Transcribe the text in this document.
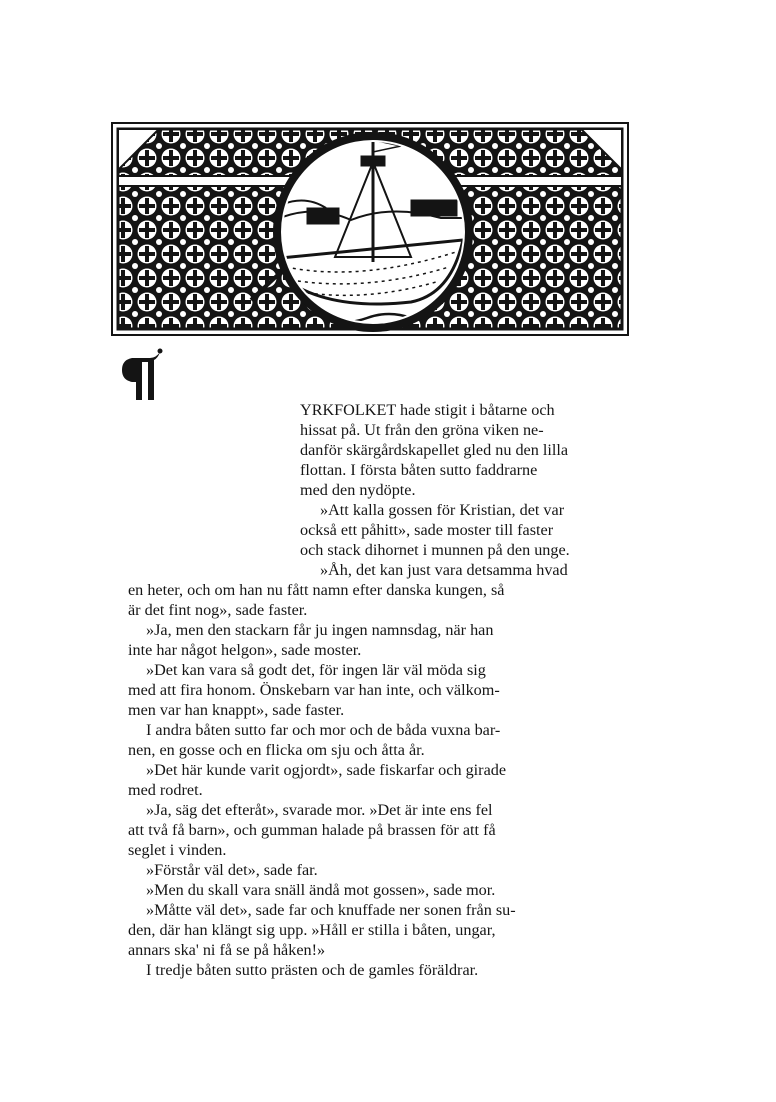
YRKFOLKET hade stigit i båtarne och
hissat på. Ut från den gröna viken ne-
danför skärgårdskapellet gled nu den lilla
flottan. I första båten sutto faddrarne
med den nydöpte.
»Att kalla gossen för Kristian, det var
också ett påhitt», sade moster till faster
och stack dihornet i munnen på den unge.
»Åh, det kan just vara detsamma hvad
en heter, och om han nu fått namn efter danska kungen, så
är det fint nog», sade faster.
»Ja, men den stackarn får ju ingen namnsdag, när han
inte har något helgon», sade moster.
»Det kan vara så godt det, för ingen lär väl möda sig
med att fira honom. Önskebarn var han inte, och välkom-
men var han knappt», sade faster.
I andra båten sutto far och mor och de båda vuxna bar-
nen, en gosse och en flicka om sju och åtta år.
»Det här kunde varit ogjordt», sade fiskarfar och girade
med rodret.
»Ja, säg det efteråt», svarade mor. »Det är inte ens fel
att två få barn», och gumman halade på brassen för att få
seglet i vinden.
»Förstår väl det», sade far.
»Men du skall vara snäll ändå mot gossen», sade mor.
»Måtte väl det», sade far och knuffade ner sonen från su-
den, där han klängt sig upp. »Håll er stilla i båten, ungar,
annars ska' ni få se på håken!»
I tredje båten sutto prästen och de gamles föräldrar.
